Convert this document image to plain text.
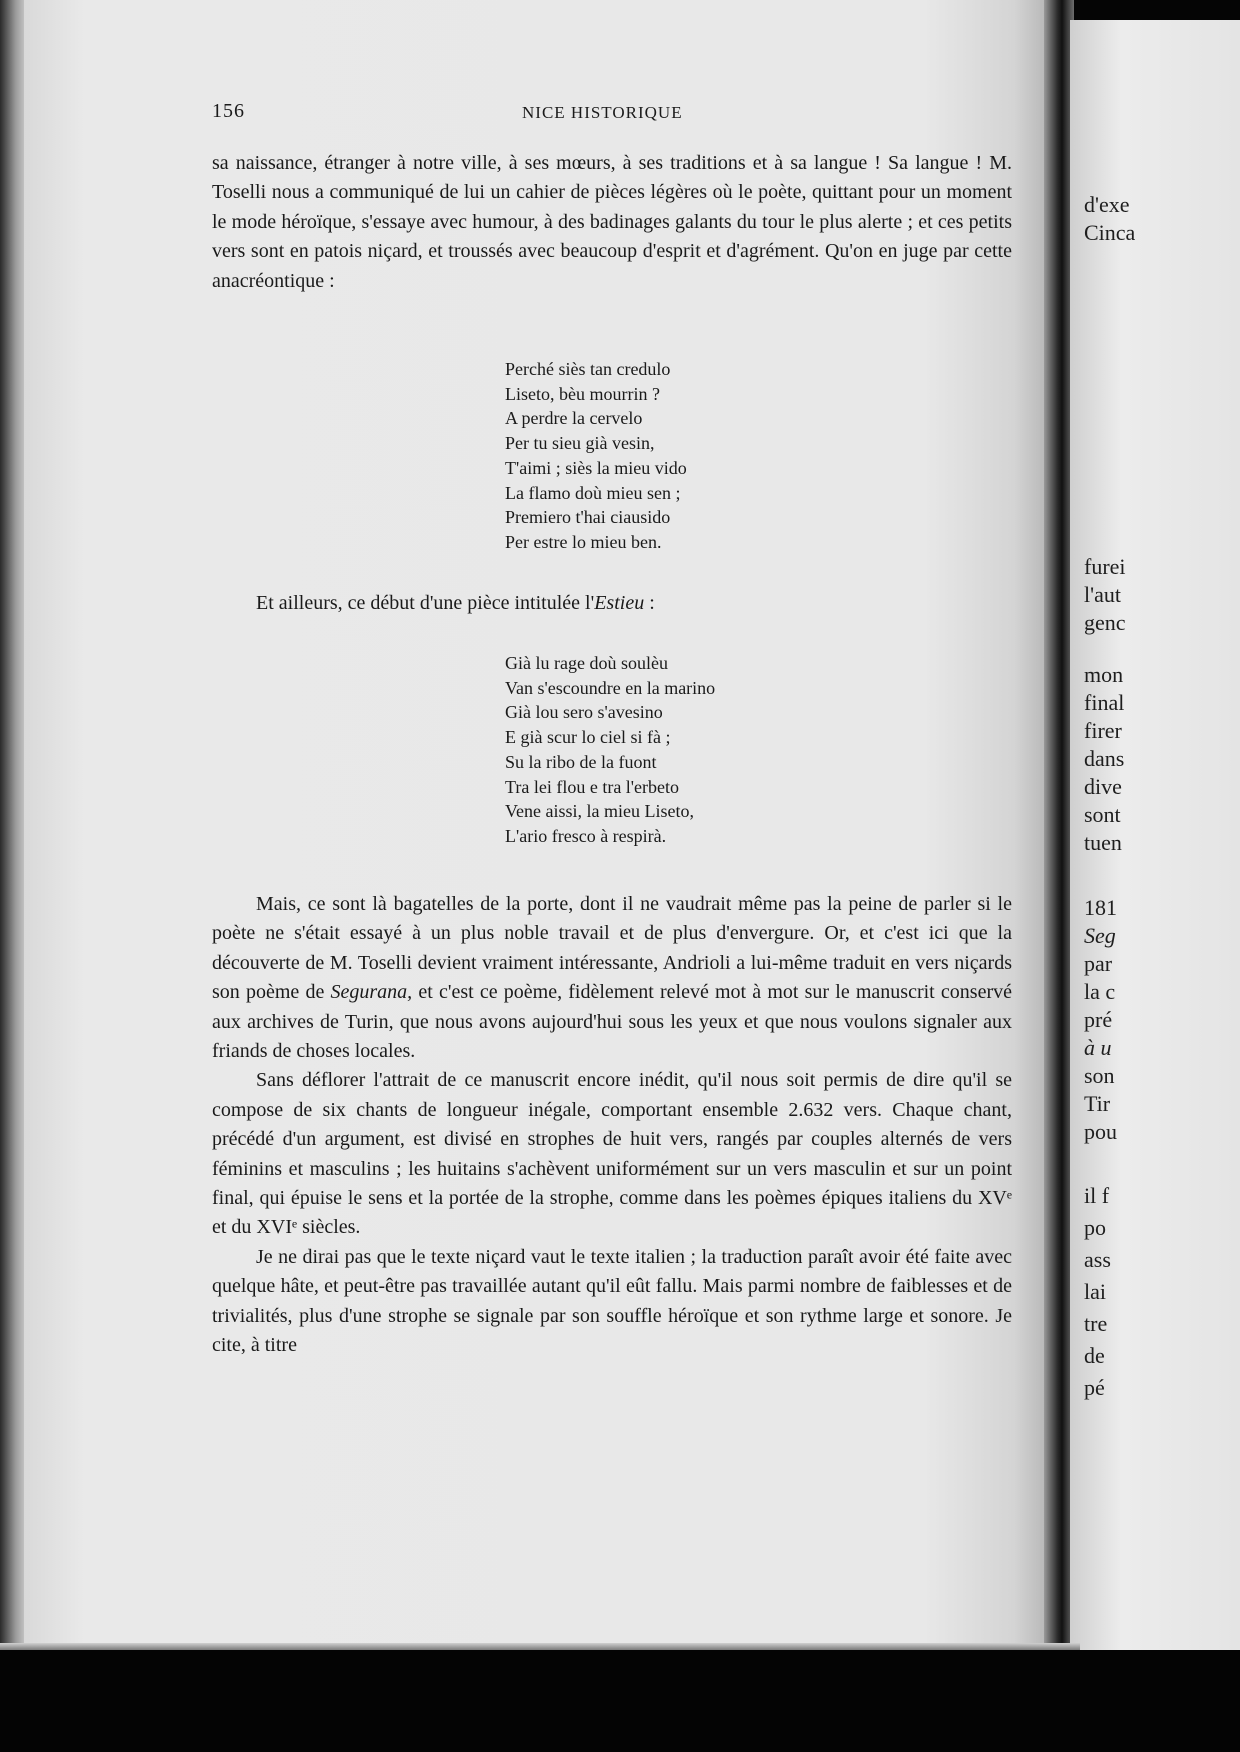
d'exe
Cinca
furei
l'aut
genc
mon
final
firer
dans
dive
sont
tuen
181
Seg
par
la c
pré
à u
son
Tir
pou
il f
po
ass
lai
tre
de
pé
156	NICE HISTORIQUE

sa naissance, étranger à notre ville, à ses mœurs, à ses traditions et à sa langue ! Sa langue ! M. Toselli nous a communiqué de lui un cahier de pièces légères où le poète, quittant pour un moment le mode héroïque, s'essaye avec humour, à des badinages galants du tour le plus alerte ; et ces petits vers sont en patois niçard, et troussés avec beaucoup d'esprit et d'agrément. Qu'on en juge par cette anacréontique :

Perché siès tan credulo
Liseto, bèu mourrin ?
A perdre la cervelo
Per tu sieu già vesin,
T'aimi ; siès la mieu vido
La flamo doù mieu sen ;
Premiero t'hai ciausido
Per estre lo mieu ben.

Et ailleurs, ce début d'une pièce intitulée l'Estieu :

Già lu rage doù soulèu
Van s'escoundre en la marino
Già lou sero s'avesino
E già scur lo ciel si fà ;
Su la ribo de la fuont
Tra lei flou e tra l'erbeto
Vene aissi, la mieu Liseto,
L'ario fresco à respirà.

Mais, ce sont là bagatelles de la porte, dont il ne vaudrait même pas la peine de parler si le poète ne s'était essayé à un plus noble travail et de plus d'envergure. Or, et c'est ici que la découverte de M. Toselli devient vraiment intéressante, Andrioli a lui-même traduit en vers niçards son poème de Segurana, et c'est ce poème, fidèlement relevé mot à mot sur le manuscrit conservé aux archives de Turin, que nous avons aujourd'hui sous les yeux et que nous voulons signaler aux friands de choses locales.

Sans déflorer l'attrait de ce manuscrit encore inédit, qu'il nous soit permis de dire qu'il se compose de six chants de longueur inégale, comportant ensemble 2.632 vers. Chaque chant, précédé d'un argument, est divisé en strophes de huit vers, rangés par couples alternés de vers féminins et masculins ; les huitains s'achèvent uniformément sur un vers masculin et sur un point final, qui épuise le sens et la portée de la strophe, comme dans les poèmes épiques italiens du XVᵉ et du XVIᵉ siècles.

Je ne dirai pas que le texte niçard vaut le texte italien ; la traduction paraît avoir été faite avec quelque hâte, et peut-être pas travaillée autant qu'il eût fallu. Mais parmi nombre de faiblesses et de trivialités, plus d'une strophe se signale par son souffle héroïque et son rythme large et sonore. Je cite, à titre
